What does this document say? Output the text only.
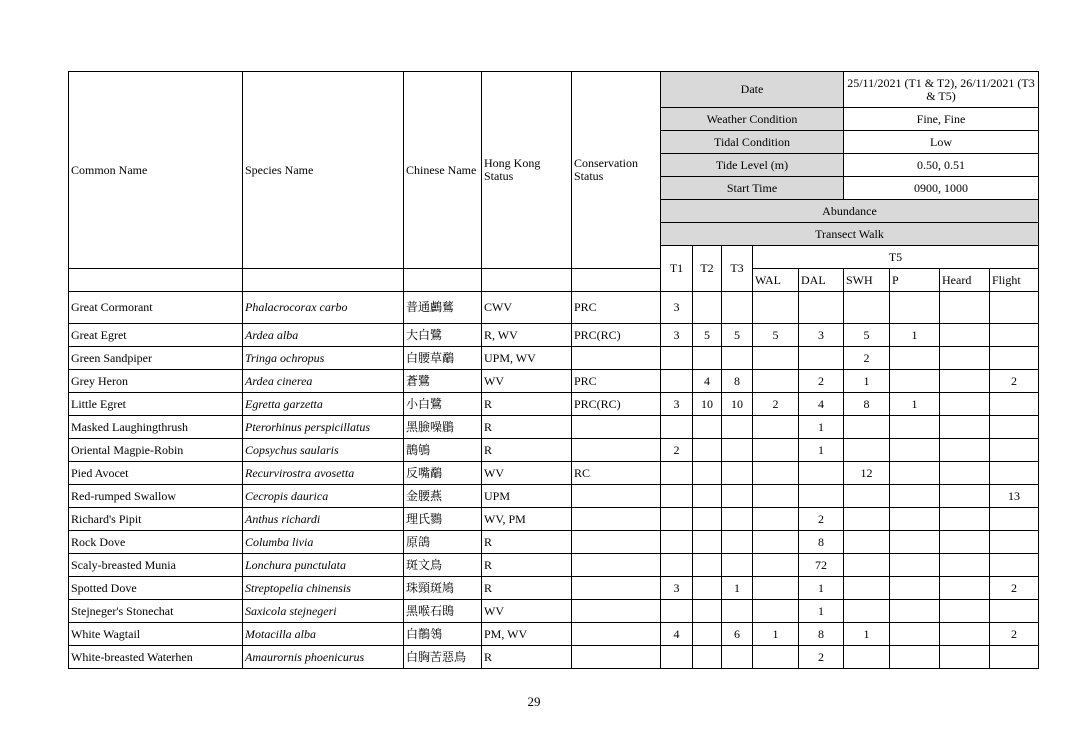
Common Name	Species Name	Chinese Name	Hong Kong Status	Conservation Status	Date					25/11/2021 (T1 & T2), 26/11/2021 (T3 & T5)			
					Weather Condition					Fine, Fine			
					Tidal Condition					Low			
					Tide Level (m)					0.50, 0.51			
					Start Time					0900, 1000			
					Abundance								
					Transect Walk								
					T1	T2	T3	T5					
								WAL	DAL	SWH	P	Heard	Flight
Great Cormorant	Phalacrocorax carbo	普通鸕鶿	CWV	PRC	3								
Great Egret	Ardea alba	大白鷺	R, WV	PRC(RC)	3	5	5	5	3	5	1		
Green Sandpiper	Tringa ochropus	白腰草鷸	UPM, WV							2			
Grey Heron	Ardea cinerea	蒼鷺	WV	PRC		4	8		2	1			2
Little Egret	Egretta garzetta	小白鷺	R	PRC(RC)	3	10	10	2	4	8	1		
Masked Laughingthrush	Pterorhinus perspicillatus	黑臉噪鶥	R						1				
Oriental Magpie-Robin	Copsychus saularis	鵲鴝	R		2				1				
Pied Avocet	Recurvirostra avosetta	反嘴鷸	WV	RC						12			
Red-rumped Swallow	Cecropis daurica	金腰燕	UPM										13
Richard's Pipit	Anthus richardi	理氏鷚	WV, PM						2				
Rock Dove	Columba livia	原鴿	R						8				
Scaly-breasted Munia	Lonchura punctulata	斑文鳥	R						72				
Spotted Dove	Streptopelia chinensis	珠頸斑鳩	R		3		1		1				2
Stejneger's Stonechat	Saxicola stejnegeri	黑喉石鵖	WV						1				
White Wagtail	Motacilla alba	白鶺鴒	PM, WV		4		6	1	8	1			2
White-breasted Waterhen	Amaurornis phoenicurus	白胸苦惡鳥	R						2				
29
